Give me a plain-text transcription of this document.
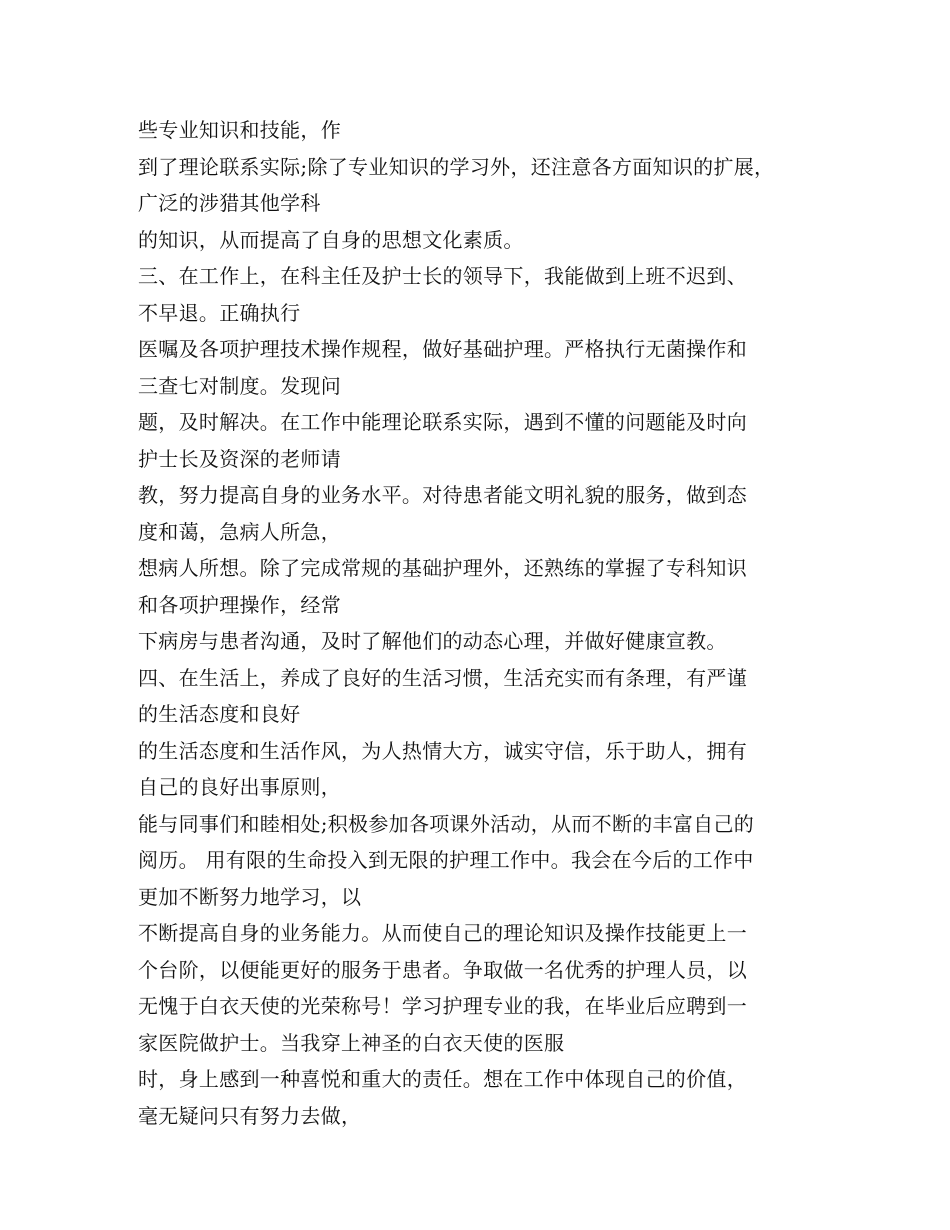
些专业知识和技能，作
到了理论联系实际;除了专业知识的学习外，还注意各方面知识的扩展，
广泛的涉猎其他学科
的知识，从而提高了自身的思想文化素质。
三、在工作上，在科主任及护士长的领导下，我能做到上班不迟到、
不早退。正确执行
医嘱及各项护理技术操作规程，做好基础护理。严格执行无菌操作和
三查七对制度。发现问
题，及时解决。在工作中能理论联系实际，遇到不懂的问题能及时向
护士长及资深的老师请
教，努力提高自身的业务水平。对待患者能文明礼貌的服务，做到态
度和蔼，急病人所急，
想病人所想。除了完成常规的基础护理外，还熟练的掌握了专科知识
和各项护理操作，经常
下病房与患者沟通，及时了解他们的动态心理，并做好健康宣教。
四、在生活上，养成了良好的生活习惯，生活充实而有条理，有严谨
的生活态度和良好
的生活态度和生活作风，为人热情大方，诚实守信，乐于助人，拥有
自己的良好出事原则，
能与同事们和睦相处;积极参加各项课外活动，从而不断的丰富自己的
阅历。 用有限的生命投入到无限的护理工作中。我会在今后的工作中
更加不断努力地学习，以
不断提高自身的业务能力。从而使自己的理论知识及操作技能更上一
个台阶，以便能更好的服务于患者。争取做一名优秀的护理人员，以
无愧于白衣天使的光荣称号！学习护理专业的我，在毕业后应聘到一
家医院做护士。当我穿上神圣的白衣天使的医服
时，身上感到一种喜悦和重大的责任。想在工作中体现自己的价值，
毫无疑问只有努力去做，
